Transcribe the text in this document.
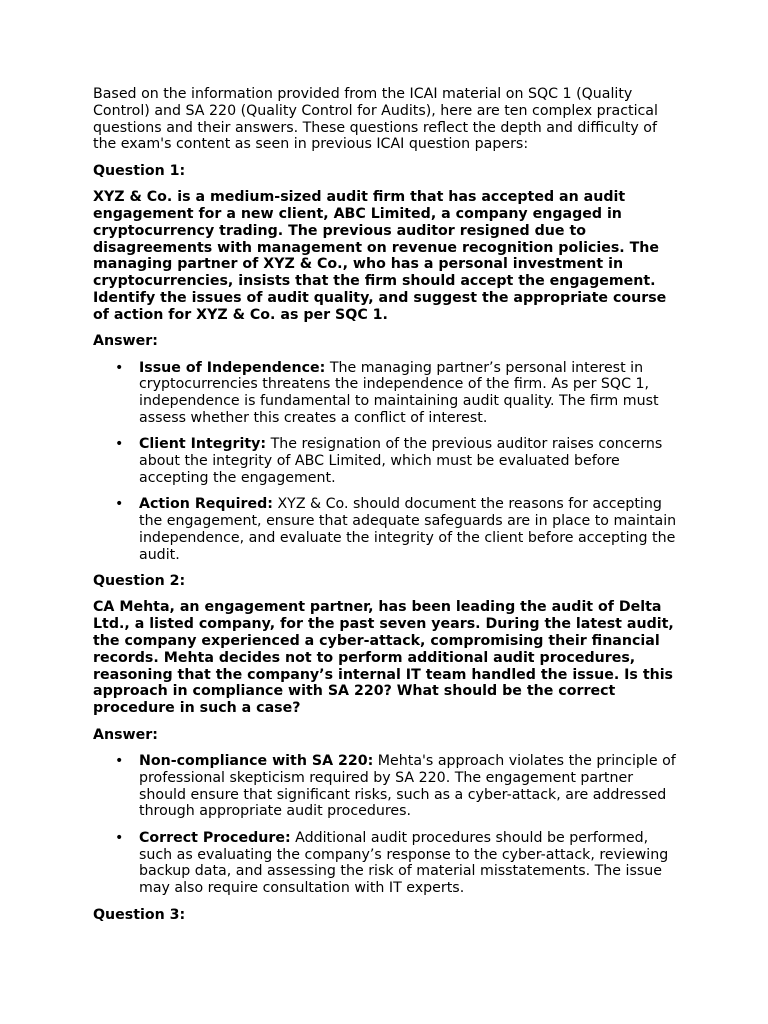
Based on the information provided from the ICAI material on SQC 1 (Quality Control) and SA 220 (Quality Control for Audits), here are ten complex practical questions and their answers. These questions reflect the depth and difficulty of the exam's content as seen in previous ICAI question papers:

Question 1:

XYZ & Co. is a medium-sized audit firm that has accepted an audit engagement for a new client, ABC Limited, a company engaged in cryptocurrency trading. The previous auditor resigned due to disagreements with management on revenue recognition policies. The managing partner of XYZ & Co., who has a personal investment in cryptocurrencies, insists that the firm should accept the engagement. Identify the issues of audit quality, and suggest the appropriate course of action for XYZ & Co. as per SQC 1.

Answer:

• Issue of Independence: The managing partner’s personal interest in cryptocurrencies threatens the independence of the firm. As per SQC 1, independence is fundamental to maintaining audit quality. The firm must assess whether this creates a conflict of interest.
• Client Integrity: The resignation of the previous auditor raises concerns about the integrity of ABC Limited, which must be evaluated before accepting the engagement.
• Action Required: XYZ & Co. should document the reasons for accepting the engagement, ensure that adequate safeguards are in place to maintain independence, and evaluate the integrity of the client before accepting the audit.

Question 2:

CA Mehta, an engagement partner, has been leading the audit of Delta Ltd., a listed company, for the past seven years. During the latest audit, the company experienced a cyber-attack, compromising their financial records. Mehta decides not to perform additional audit procedures, reasoning that the company’s internal IT team handled the issue. Is this approach in compliance with SA 220? What should be the correct procedure in such a case?

Answer:

• Non-compliance with SA 220: Mehta's approach violates the principle of professional skepticism required by SA 220. The engagement partner should ensure that significant risks, such as a cyber-attack, are addressed through appropriate audit procedures.
• Correct Procedure: Additional audit procedures should be performed, such as evaluating the company’s response to the cyber-attack, reviewing backup data, and assessing the risk of material misstatements. The issue may also require consultation with IT experts.

Question 3:
